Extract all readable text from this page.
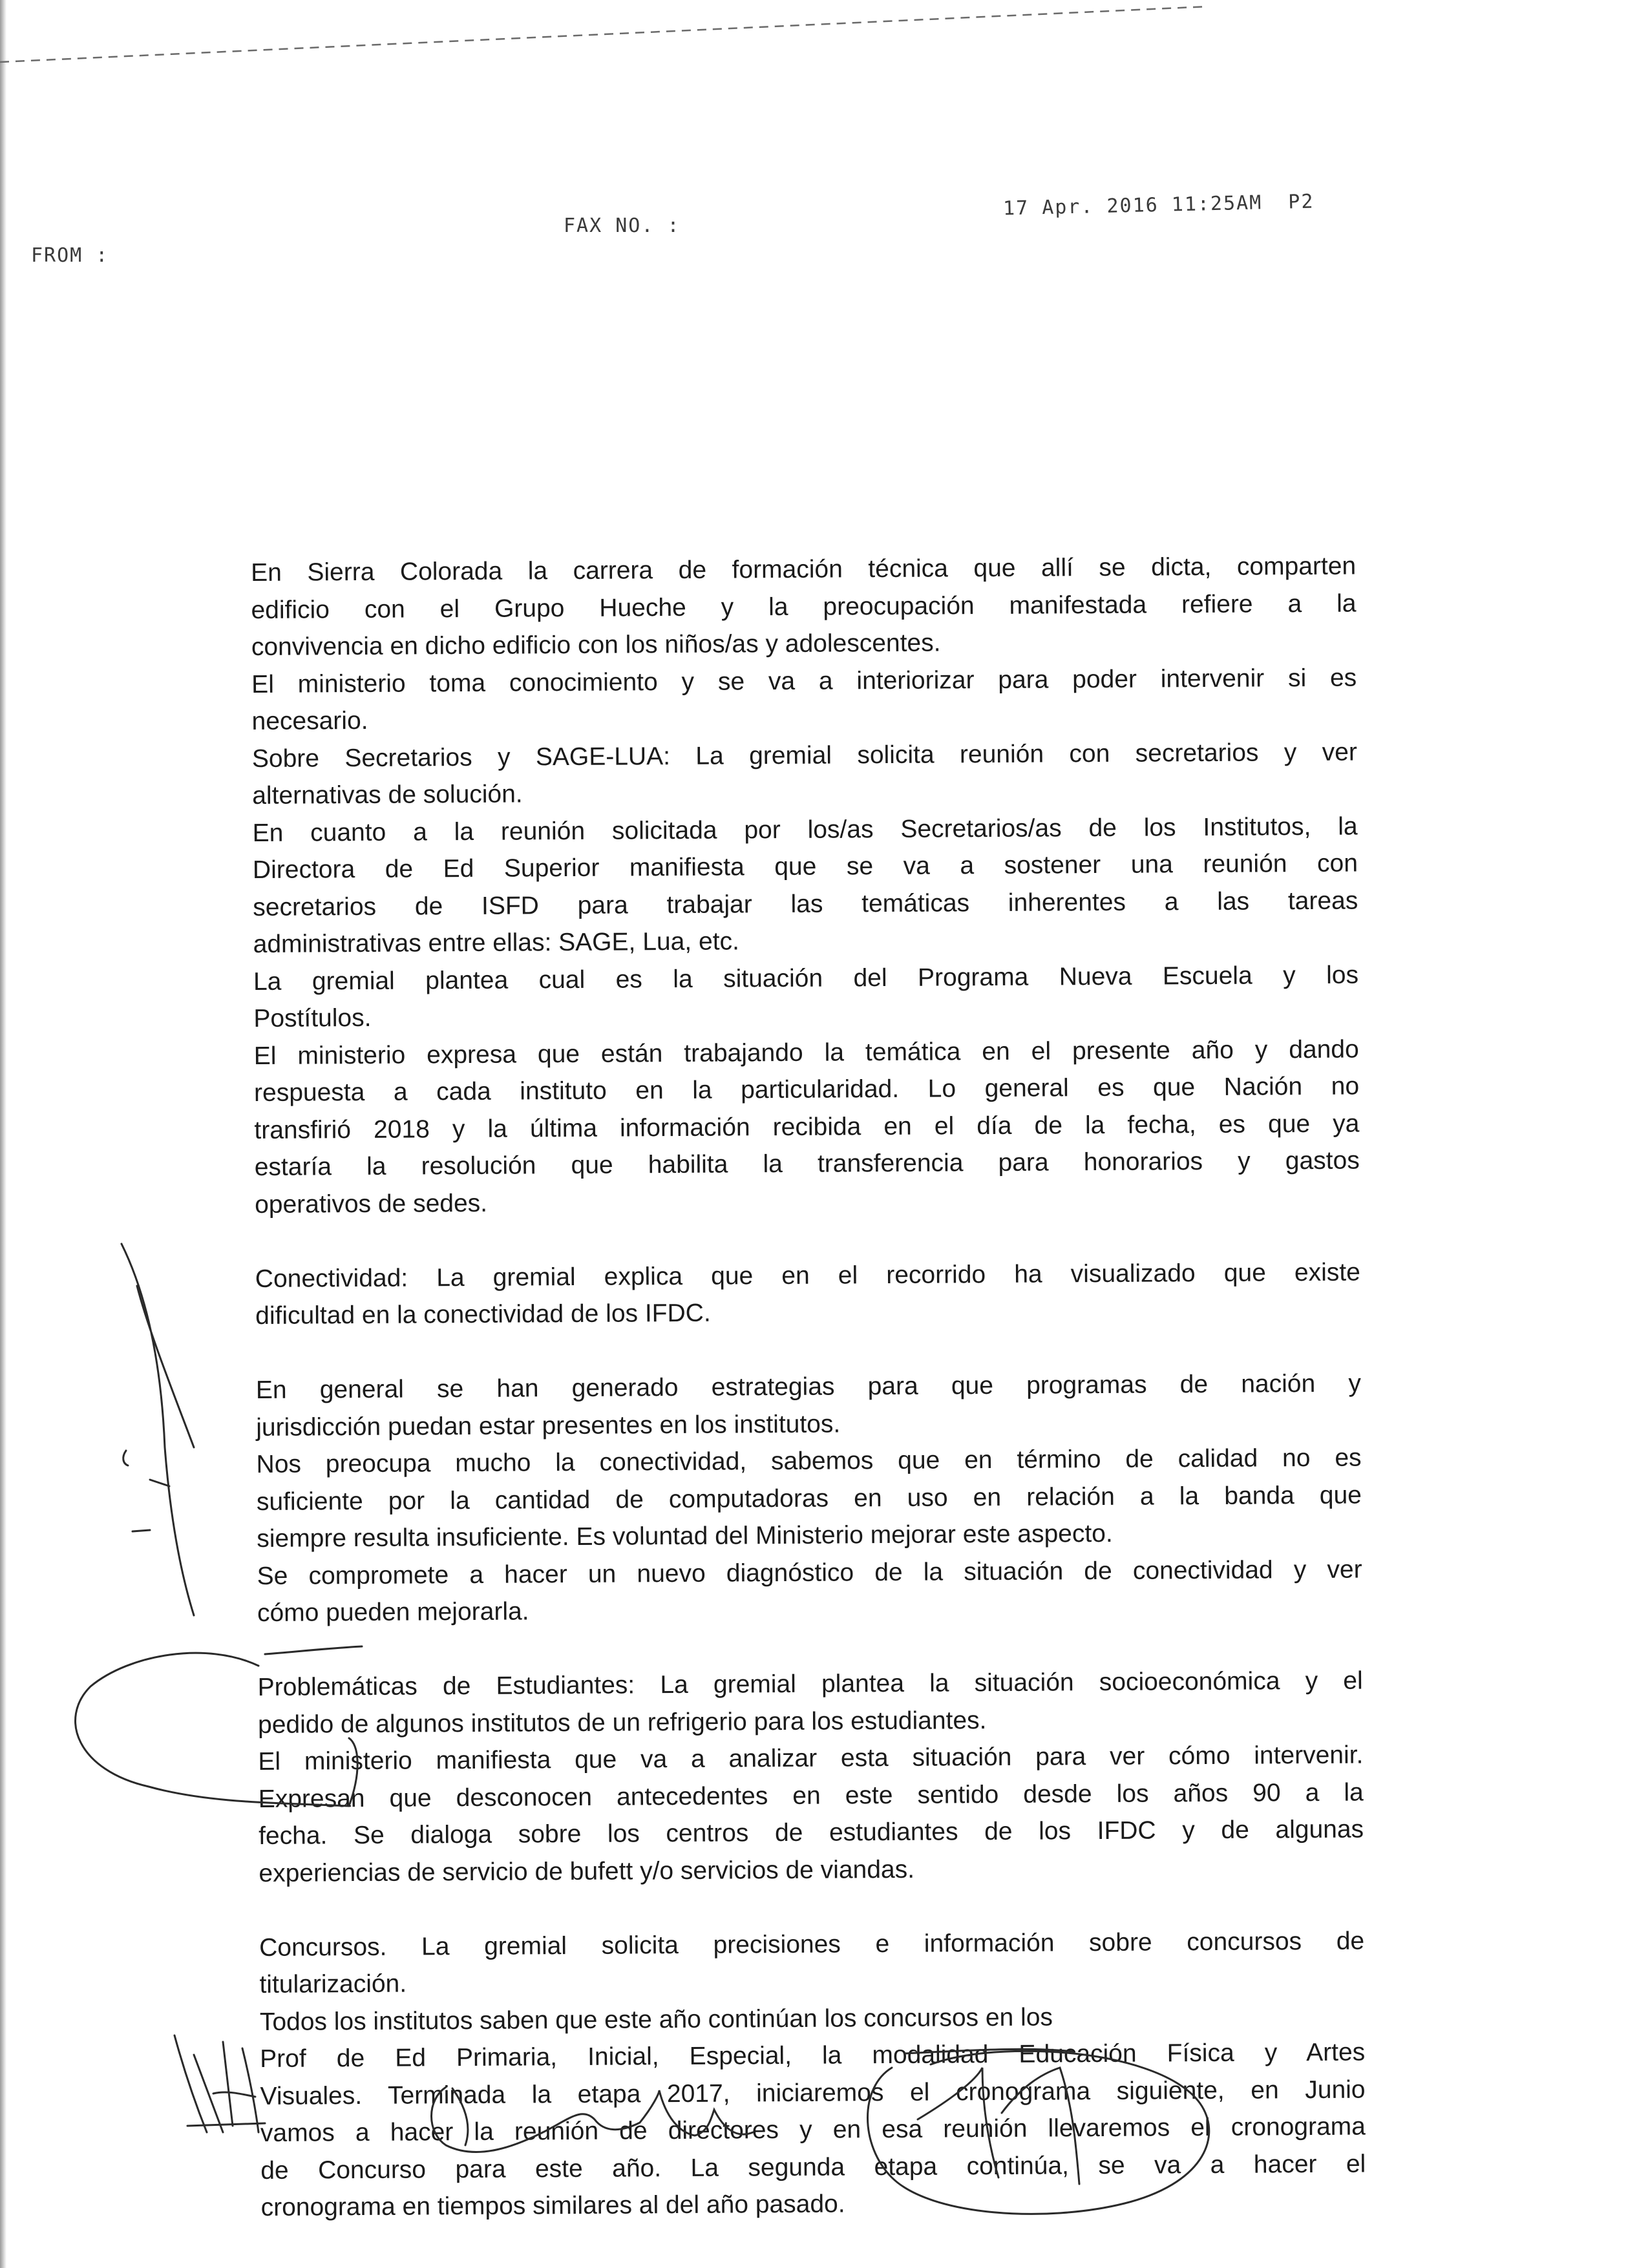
FROM :
FAX NO. :
17 Apr. 2016 11:25AM  P2
En Sierra Colorada la carrera de formación técnica que allí se dicta, comparten
edificio con el Grupo Hueche y la preocupación manifestada refiere a la
convivencia en dicho edificio con los niños/as y adolescentes.
El ministerio toma conocimiento y se va a interiorizar para poder intervenir si es
necesario.
Sobre Secretarios y SAGE-LUA: La gremial solicita reunión con secretarios y ver
alternativas de solución.
En cuanto a la reunión solicitada por los/as Secretarios/as de los Institutos, la
Directora de Ed Superior manifiesta que se va a sostener una reunión con
secretarios de ISFD para trabajar las temáticas inherentes a las tareas
administrativas entre ellas: SAGE, Lua, etc.
La gremial plantea cual es la situación del Programa Nueva Escuela y los
Postítulos.
El ministerio expresa que están trabajando la temática en el presente año y dando
respuesta a cada instituto en la particularidad. Lo general es que Nación no
transfirió 2018 y la última información recibida en el día de la fecha, es que ya
estaría la resolución que habilita la transferencia para honorarios y gastos
operativos de sedes.
Conectividad: La gremial explica que en el recorrido ha visualizado que existe
dificultad en la conectividad de los IFDC.
En general se han generado estrategias para que programas de nación y
jurisdicción puedan estar presentes en los institutos.
Nos preocupa mucho la conectividad, sabemos que en término de calidad no es
suficiente por la cantidad de computadoras en uso en relación a la banda que
siempre resulta insuficiente. Es voluntad del Ministerio mejorar este aspecto.
Se compromete a hacer un nuevo diagnóstico de la situación de conectividad y ver
cómo pueden mejorarla.
Problemáticas de Estudiantes: La gremial plantea la situación socioeconómica y el
pedido de algunos institutos de un refrigerio para los estudiantes.
El ministerio manifiesta que va a analizar esta situación para ver cómo intervenir.
Expresan que desconocen antecedentes en este sentido desde los años 90 a la
fecha. Se dialoga sobre los centros de estudiantes de los IFDC y de algunas
experiencias de servicio de bufett y/o servicios de viandas.
Concursos. La gremial solicita precisiones e información sobre concursos de
titularización.
Todos los institutos saben que este año continúan los concursos en los
Prof de Ed Primaria, Inicial, Especial, la modalidad Educación Física y Artes
Visuales. Terminada la etapa 2017, iniciaremos el cronograma siguiente, en Junio
vamos a hacer la reunión de directores y en esa reunión llevaremos el cronograma
de Concurso para este año. La segunda etapa continúa, se va a hacer el
cronograma en tiempos similares al del año pasado.
